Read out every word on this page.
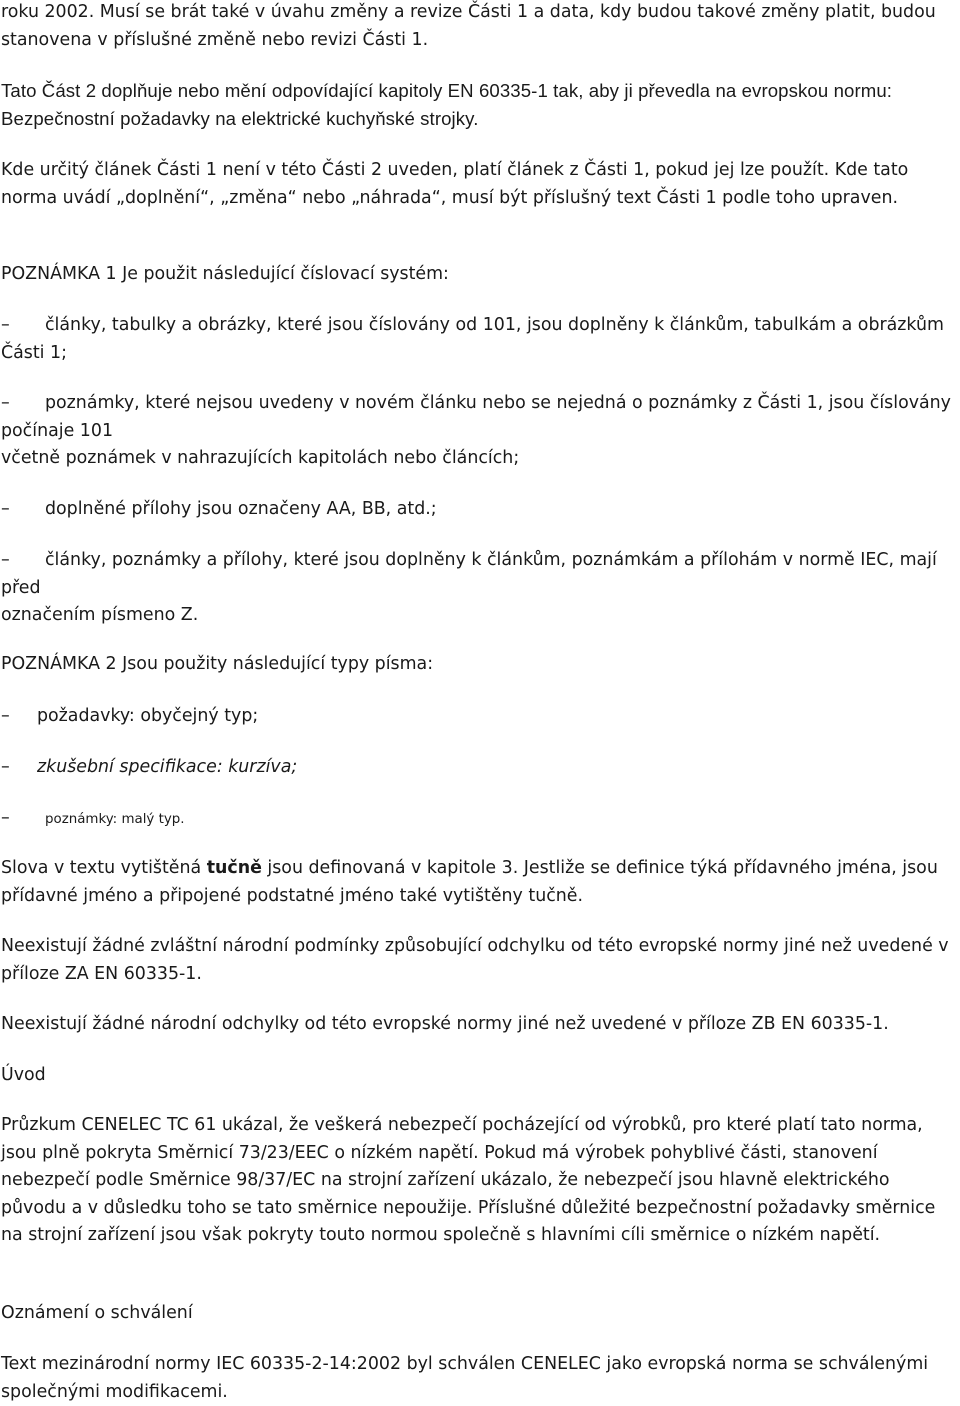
roku 2002. Musí se brát také v úvahu změny a revize Části 1 a data, kdy budou takové změny platit, budou stanovena v příslušné změně nebo revizi Části 1.

Tato Část 2 doplňuje nebo mění odpovídající kapitoly EN 60335-1 tak, aby ji převedla na evropskou normu: Bezpečnostní požadavky na elektrické kuchyňské strojky.

Kde určitý článek Části 1 není v této Části 2 uveden, platí článek z Části 1, pokud jej lze použít. Kde tato norma uvádí „doplnění“, „změna“ nebo „náhrada“, musí být příslušný text Části 1 podle toho upraven.

POZNÁMKA 1 Je použit následující číslovací systém:

– články, tabulky a obrázky, které jsou číslovány od 101, jsou doplněny k článkům, tabulkám a obrázkům Části 1;
– poznámky, které nejsou uvedeny v novém článku nebo se nejedná o poznámky z Části 1, jsou číslovány počínaje 101
včetně poznámek v nahrazujících kapitolách nebo článcích;
– doplněné přílohy jsou označeny AA, BB, atd.;
– články, poznámky a přílohy, které jsou doplněny k článkům, poznámkám a přílohám v normě IEC, mají před
označením písmeno Z.

POZNÁMKA 2 Jsou použity následující typy písma:

– požadavky: obyčejný typ;
– zkušební specifikace: kurzíva;
–	poznámky: malý typ.

Slova v textu vytištěná tučně jsou definovaná v kapitole 3. Jestliže se definice týká přídavného jména, jsou přídavné jméno a připojené podstatné jméno také vytištěny tučně.

Neexistují žádné zvláštní národní podmínky způsobující odchylku od této evropské normy jiné než uvedené v příloze ZA EN 60335-1.

Neexistují žádné národní odchylky od této evropské normy jiné než uvedené v příloze ZB EN 60335-1.

Úvod

Průzkum CENELEC TC 61 ukázal, že veškerá nebezpečí pocházející od výrobků, pro které platí tato norma, jsou plně pokryta Směrnicí 73/23/EEC o nízkém napětí. Pokud má výrobek pohyblivé části, stanovení nebezpečí podle Směrnice 98/37/EC na strojní zařízení ukázalo, že nebezpečí jsou hlavně elektrického původu a v důsledku toho se tato směrnice nepoužije. Příslušné důležité bezpečnostní požadavky směrnice na strojní zařízení jsou však pokryty touto normou společně s hlavními cíli směrnice o nízkém napětí.

Oznámení o schválení

Text mezinárodní normy IEC 60335-2-14:2002 byl schválen CENELEC jako evropská norma se schválenými společnými modifikacemi.
